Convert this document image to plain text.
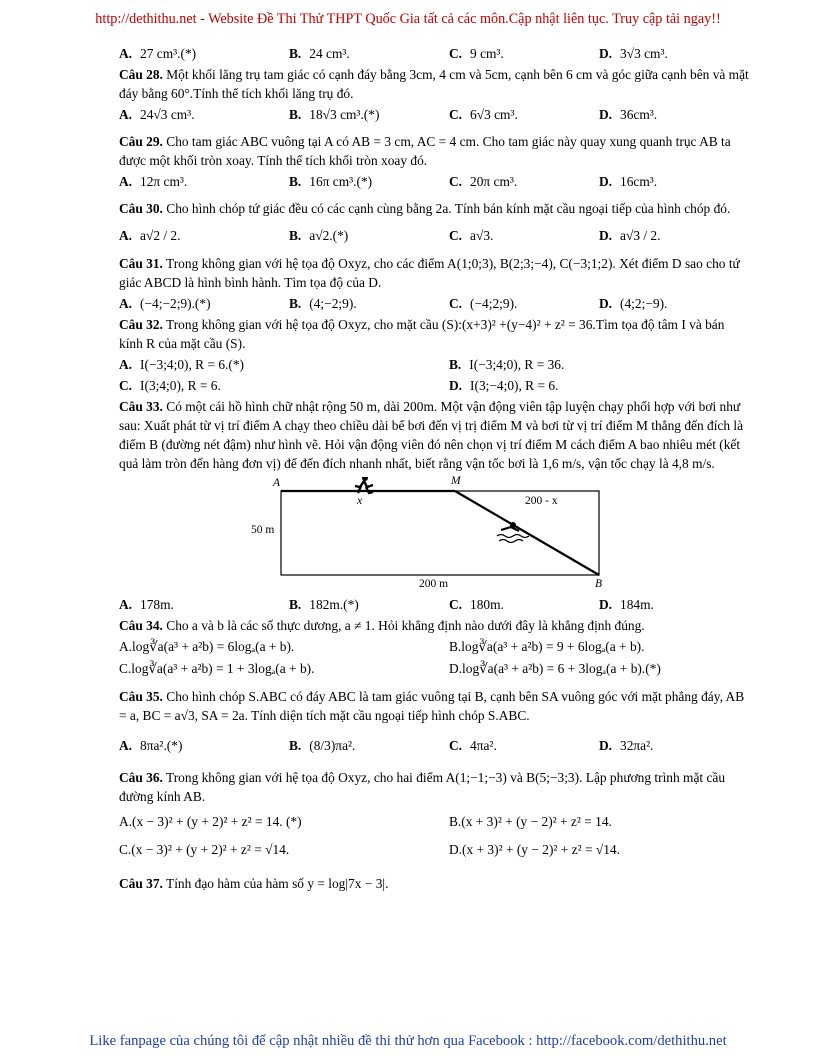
http://dethithu.net - Website Đề Thi Thử THPT Quốc Gia tất cả các môn.Cập nhật liên tục. Truy cập tải ngay!!
A. 27 cm³.(*)	B. 24 cm³.	C. 9 cm³.	D. 3√3 cm³.

Câu 28. Một khối lăng trụ tam giác có cạnh đáy bằng 3cm, 4 cm và 5cm, cạnh bên 6 cm và góc giữa cạnh bên và mặt đáy bằng 60°.Tính thể tích khối lăng trụ đó.

A. 24√3 cm³.	B. 18√3 cm³.(*)	C. 6√3 cm³.	D. 36cm³.

Câu 29. Cho tam giác ABC vuông tại A có AB = 3 cm, AC = 4 cm. Cho tam giác này quay xung quanh trục AB ta được một khối tròn xoay. Tính thể tích khối tròn xoay đó.

A. 12π cm³.	B. 16π cm³.(*)	C. 20π cm³.	D. 16cm³.

Câu 30. Cho hình chóp tứ giác đều có các cạnh cùng bằng 2a. Tính bán kính mặt cầu ngoại tiếp của hình chóp đó.

A. a√2 / 2.	B. a√2.(*)	C. a√3.	D. a√3 / 2.

Câu 31. Trong không gian với hệ tọa độ Oxyz, cho các điểm A(1;0;3), B(2;3;−4), C(−3;1;2). Xét điểm D sao cho tứ giác ABCD là hình bình hành. Tìm tọa độ của D.

A. (−4;−2;9).(*)	B. (4;−2;9).	C. (−4;2;9).	D. (4;2;−9).

Câu 32. Trong không gian với hệ tọa độ Oxyz, cho mặt cầu (S):(x+3)² +(y−4)² + z² = 36.Tìm tọa độ tâm I và bán kính R của mặt cầu (S).

A. I(−3;4;0), R = 6.(*)	B. I(−3;4;0), R = 36.
C. I(3;4;0), R = 6.	D. I(3;−4;0), R = 6.

Câu 33. Có một cái hồ hình chữ nhật rộng 50 m, dài 200m. Một vận động viên tập luyện chạy phối hợp với bơi như sau: Xuất phát từ vị trí điểm A chạy theo chiều dài bể bơi đến vị trị điểm M và bơi từ vị trí điểm M thẳng đến đích là điểm B (đường nét đậm) như hình vẽ. Hỏi vận động viên đó nên chọn vị trí điểm M cách điểm A bao nhiêu mét (kết quả làm tròn đến hàng đơn vị) để đến đích nhanh nhất, biết rằng vận tốc bơi là 1,6 m/s, vận tốc chạy là 4,8 m/s.

A	M
B
x	200 - x
50 m
200 m
A. 178m.	B. 182m.(*)	C. 180m.	D. 184m.

Câu 34. Cho a và b là các số thực dương, a ≠ 1. Hỏi khẳng định nào dưới đây là khẳng định đúng.

A.log∛a(a³ + a²b) = 6logₐ(a + b).	B.log∛a(a³ + a²b) = 9 + 6logₐ(a + b).
C.log∛a(a³ + a²b) = 1 + 3logₐ(a + b).	D.log∛a(a³ + a²b) = 6 + 3logₐ(a + b).(*)

Câu 35. Cho hình chóp S.ABC có đáy ABC là tam giác vuông tại B, cạnh bên SA vuông góc với mặt phẳng đáy, AB = a, BC = a√3, SA = 2a. Tính diện tích mặt cầu ngoại tiếp hình chóp S.ABC.

A. 8πa².(*)	B. (8/3)πa².	C. 4πa².	D. 32πa².

Câu 36. Trong không gian với hệ tọa độ Oxyz, cho hai điểm A(1;−1;−3) và B(5;−3;3). Lập phương trình mặt cầu đường kính AB.

A.(x − 3)² + (y + 2)² + z² = 14. (*)	B.(x + 3)² + (y − 2)² + z² = 14.
C.(x − 3)² + (y + 2)² + z² = √14.	D.(x + 3)² + (y − 2)² + z² = √14.

Câu 37. Tính đạo hàm của hàm số y = log|7x − 3|.

Like fanpage của chúng tôi để cập nhật nhiều đề thi thử hơn qua Facebook : http://facebook.com/dethithu.net
